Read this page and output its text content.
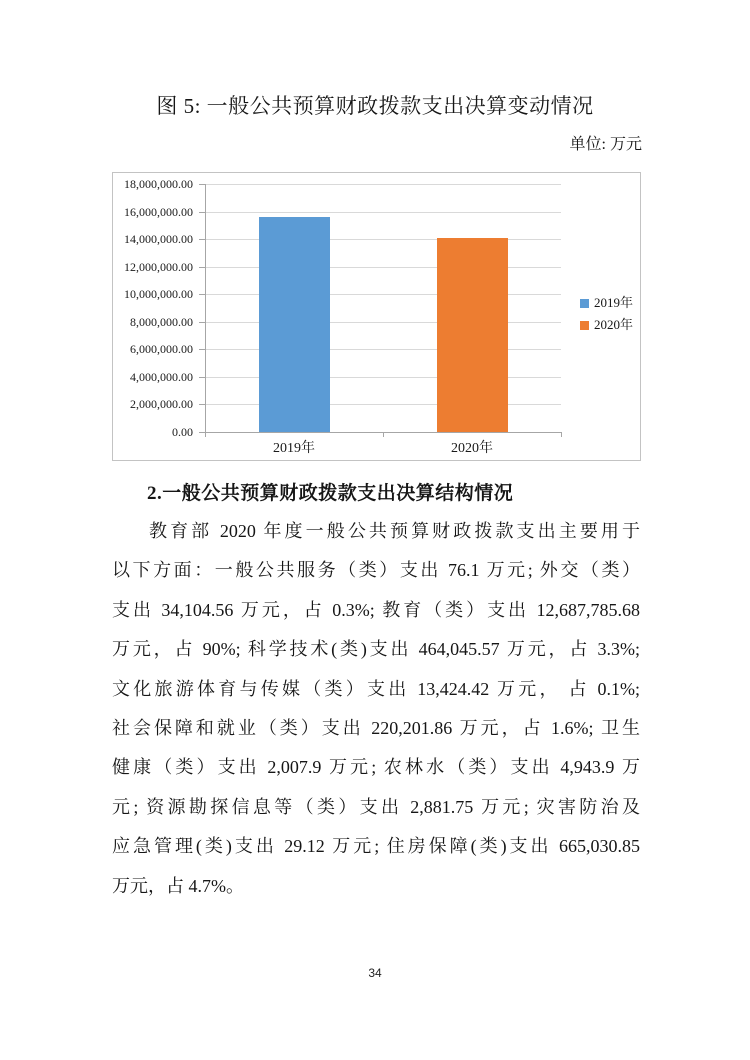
图 5: 一般公共预算财政拨款支出决算变动情况
单位: 万元
18,000,000.00
16,000,000.00
14,000,000.00
12,000,000.00
10,000,000.00
8,000,000.00
6,000,000.00
4,000,000.00
2,000,000.00
0.00
2019年	2020年
2019年
2020年
2.一般公共预算财政拨款支出决算结构情况
教育部 2020 年度一般公共预算财政拨款支出主要用于
以下方面：一般公共服务（类）支出 76.1 万元; 外交（类）
支出 34,104.56 万元，占 0.3%; 教育（类）支出 12,687,785.68
万元，占 90%; 科学技术(类)支出 464,045.57 万元，占 3.3%;
文化旅游体育与传媒（类）支出 13,424.42 万元， 占 0.1%;
社会保障和就业（类）支出 220,201.86 万元，占 1.6%; 卫生
健康（类）支出 2,007.9 万元; 农林水（类）支出 4,943.9 万
元; 资源勘探信息等（类）支出 2,881.75 万元; 灾害防治及
应急管理(类)支出 29.12 万元; 住房保障(类)支出 665,030.85
万元，占 4.7%。
34
